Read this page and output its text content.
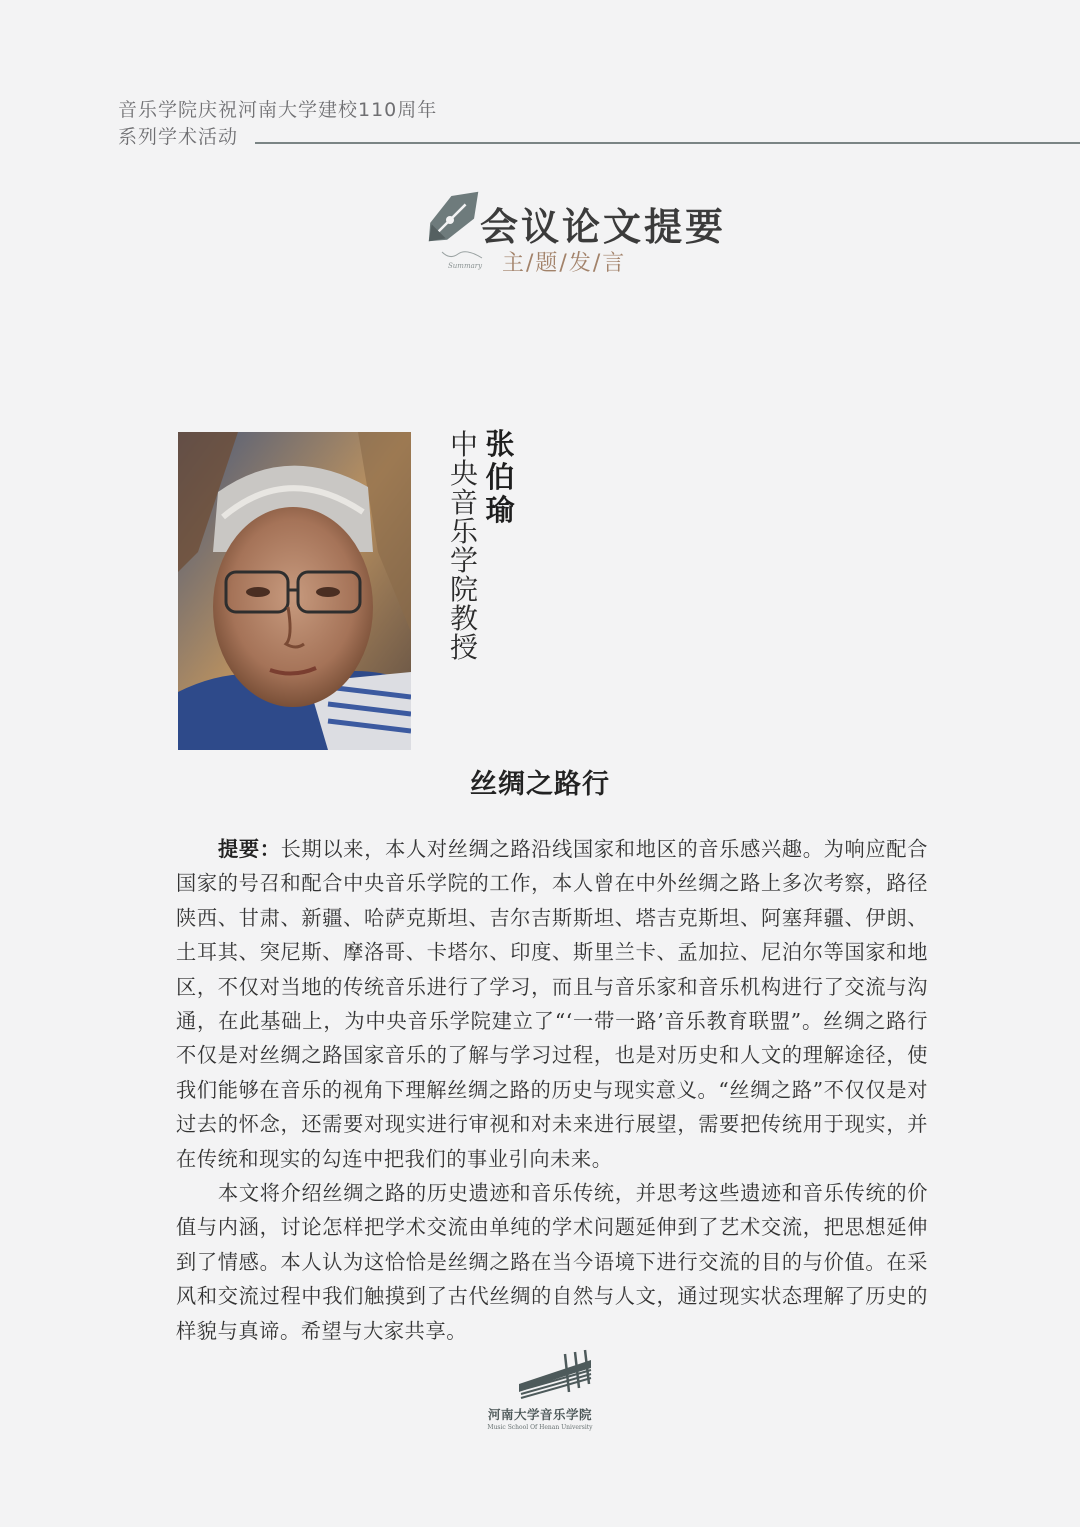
音乐学院庆祝河南大学建校110周年
系列学术活动
Summary
会议论文提要
主/题/发/言
张伯瑜
中央音乐学院教授
丝绸之路行

提要：长期以来，本人对丝绸之路沿线国家和地区的音乐感兴趣。为响应配合国家的号召和配合中央音乐学院的工作，本人曾在中外丝绸之路上多次考察，路径陕西、甘肃、新疆、哈萨克斯坦、吉尔吉斯斯坦、塔吉克斯坦、阿塞拜疆、伊朗、土耳其、突尼斯、摩洛哥、卡塔尔、印度、斯里兰卡、孟加拉、尼泊尔等国家和地区，不仅对当地的传统音乐进行了学习，而且与音乐家和音乐机构进行了交流与沟通，在此基础上，为中央音乐学院建立了“‘一带一路’音乐教育联盟”。丝绸之路行不仅是对丝绸之路国家音乐的了解与学习过程，也是对历史和人文的理解途径，使我们能够在音乐的视角下理解丝绸之路的历史与现实意义。“丝绸之路”不仅仅是对过去的怀念，还需要对现实进行审视和对未来进行展望，需要把传统用于现实，并在传统和现实的勾连中把我们的事业引向未来。

本文将介绍丝绸之路的历史遗迹和音乐传统，并思考这些遗迹和音乐传统的价值与内涵，讨论怎样把学术交流由单纯的学术问题延伸到了艺术交流，把思想延伸到了情感。本人认为这恰恰是丝绸之路在当今语境下进行交流的目的与价值。在采风和交流过程中我们触摸到了古代丝绸的自然与人文，通过现实状态理解了历史的样貌与真谛。希望与大家共享。

河南大学音乐学院
Music School Of Henan University
